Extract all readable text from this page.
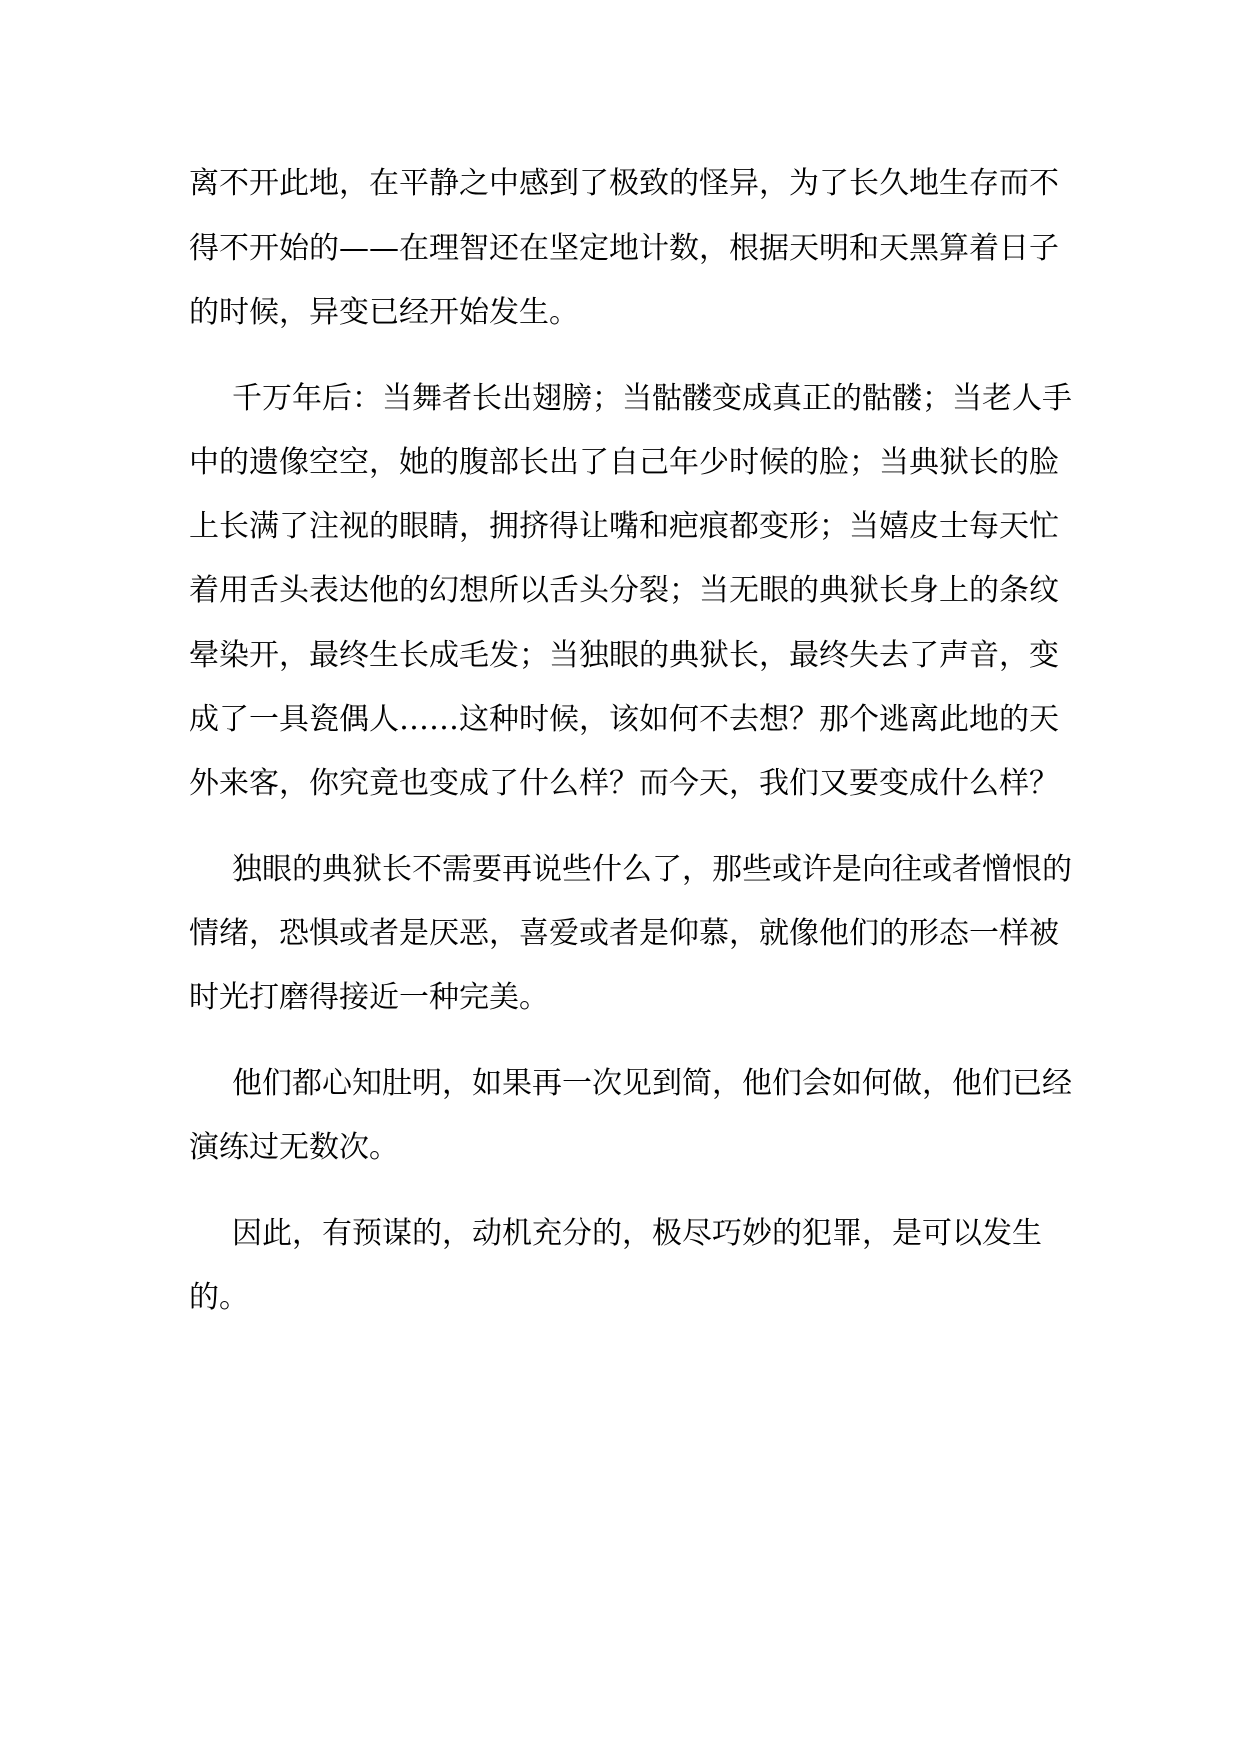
离不开此地，在平静之中感到了极致的怪异，为了长久地生存而不
得不开始的——在理智还在坚定地计数，根据天明和天黑算着日子
的时候，异变已经开始发生。
千万年后：当舞者长出翅膀；当骷髅变成真正的骷髅；当老人手
中的遗像空空，她的腹部长出了自己年少时候的脸；当典狱长的脸
上长满了注视的眼睛，拥挤得让嘴和疤痕都变形；当嬉皮士每天忙
着用舌头表达他的幻想所以舌头分裂；当无眼的典狱长身上的条纹
晕染开，最终生长成毛发；当独眼的典狱长，最终失去了声音，变
成了一具瓷偶人……这种时候，该如何不去想？那个逃离此地的天
外来客，你究竟也变成了什么样？而今天，我们又要变成什么样？
独眼的典狱长不需要再说些什么了，那些或许是向往或者憎恨的
情绪，恐惧或者是厌恶，喜爱或者是仰慕，就像他们的形态一样被
时光打磨得接近一种完美。
他们都心知肚明，如果再一次见到简，他们会如何做，他们已经
演练过无数次。
因此，有预谋的，动机充分的，极尽巧妙的犯罪，是可以发生
的。
